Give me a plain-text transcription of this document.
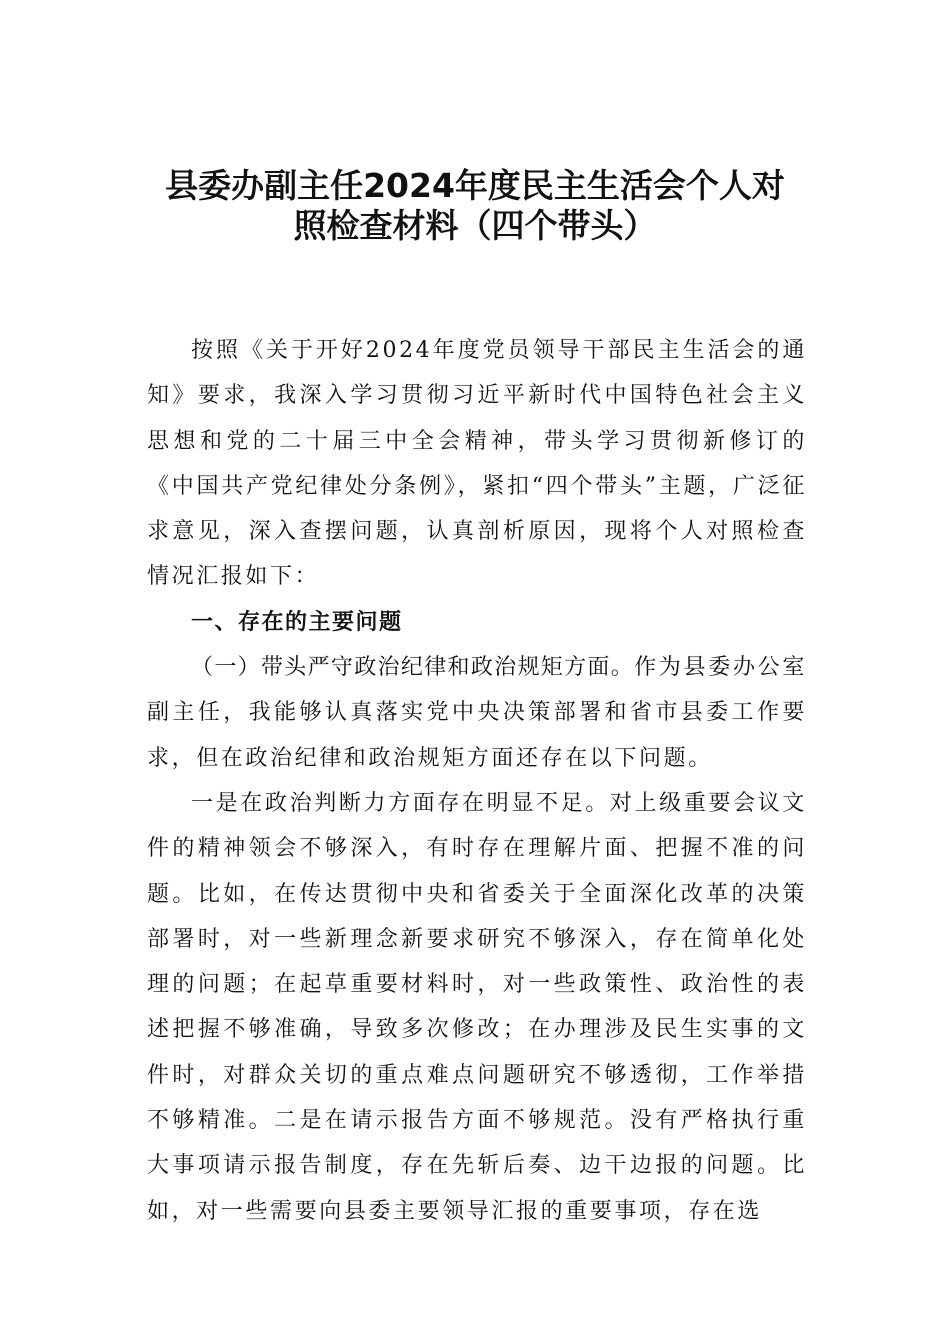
县委办副主任2024年度民主生活会个人对
照检查材料（四个带头）

按照《关于开好2024年度党员领导干部民主生活会的通知》要求，我深入学习贯彻习近平新时代中国特色社会主义思想和党的二十届三中全会精神，带头学习贯彻新修订的《中国共产党纪律处分条例》，紧扣“四个带头”主题，广泛征求意见，深入查摆问题，认真剖析原因，现将个人对照检查情况汇报如下：

一、存在的主要问题

（一）带头严守政治纪律和政治规矩方面。作为县委办公室副主任，我能够认真落实党中央决策部署和省市县委工作要求，但在政治纪律和政治规矩方面还存在以下问题。

一是在政治判断力方面存在明显不足。对上级重要会议文件的精神领会不够深入，有时存在理解片面、把握不准的问题。比如，在传达贯彻中央和省委关于全面深化改革的决策部署时，对一些新理念新要求研究不够深入，存在简单化处理的问题；在起草重要材料时，对一些政策性、政治性的表述把握不够准确，导致多次修改；在办理涉及民生实事的文件时，对群众关切的重点难点问题研究不够透彻，工作举措不够精准。二是在请示报告方面不够规范。没有严格执行重大事项请示报告制度，存在先斩后奏、边干边报的问题。比如，对一些需要向县委主要领导汇报的重要事项，存在选
